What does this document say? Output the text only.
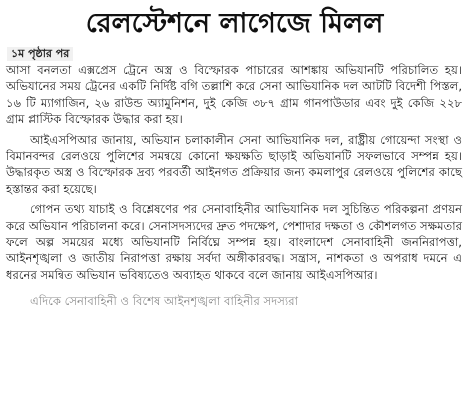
রেলস্টেশনে লাগেজে মিলল
১ম পৃষ্ঠার পর

আসা বনলতা এক্সপ্রেস ট্রেনে অস্ত্র ও বিস্ফোরক পাচারের আশঙ্কায় অভিযানটি পরিচালিত হয়। অভিযানের সময় ট্রেনের একটি নির্দিষ্ট বগি তল্লাশি করে সেনা আভিযানিক দল আটটি বিদেশী পিস্তল, ১৬ টি ম্যাগাজিন, ২৬ রাউন্ড অ্যামুনিশন, দুই কেজি ৩৮৭ গ্রাম গানপাউডার এবং দুই কেজি ২২৮ গ্রাম প্লাস্টিক বিস্ফোরক উদ্ধার করা হয়।

আইএসপিআর জানায়, অভিযান চলাকালীন সেনা আভিযানিক দল, রাষ্ট্রীয় গোয়েন্দা সংস্থা ও বিমানবন্দর রেলওয়ে পুলিশের সমন্বয়ে কোনো ক্ষয়ক্ষতি ছাড়াই অভিযানটি সফলভাবে সম্পন্ন হয়। উদ্ধারকৃত অস্ত্র ও বিস্ফোরক দ্রব্য পরবর্তী আইনগত প্রক্রিয়ার জন্য কমলাপুর রেলওয়ে পুলিশের কাছে হস্তান্তর করা হয়েছে।

গোপন তথ্য যাচাই ও বিশ্লেষণের পর সেনাবাহিনীর আভিযানিক দল সুচিন্তিত পরিকল্পনা প্রণয়ন করে অভিযান পরিচালনা করে। সেনাসদস্যদের দ্রুত পদক্ষেপ, পেশাদার দক্ষতা ও কৌশলগত সক্ষমতার ফলে অল্প সময়ের মধ্যে অভিযানটি নির্বিঘ্নে সম্পন্ন হয়। বাংলাদেশ সেনাবাহিনী জননিরাপত্তা, আইনশৃঙ্খলা ও জাতীয় নিরাপত্তা রক্ষায় সর্বদা অঙ্গীকারবদ্ধ। সন্ত্রাস, নাশকতা ও অপরাধ দমনে এ ধরনের সমন্বিত অভিযান ভবিষ্যতেও অব্যাহত থাকবে বলে জানায় আইএসপিআর।

এদিকে সেনাবাহিনী ও বিশেষ আইনশৃঙ্খলা বাহিনীর সদস্যরা
